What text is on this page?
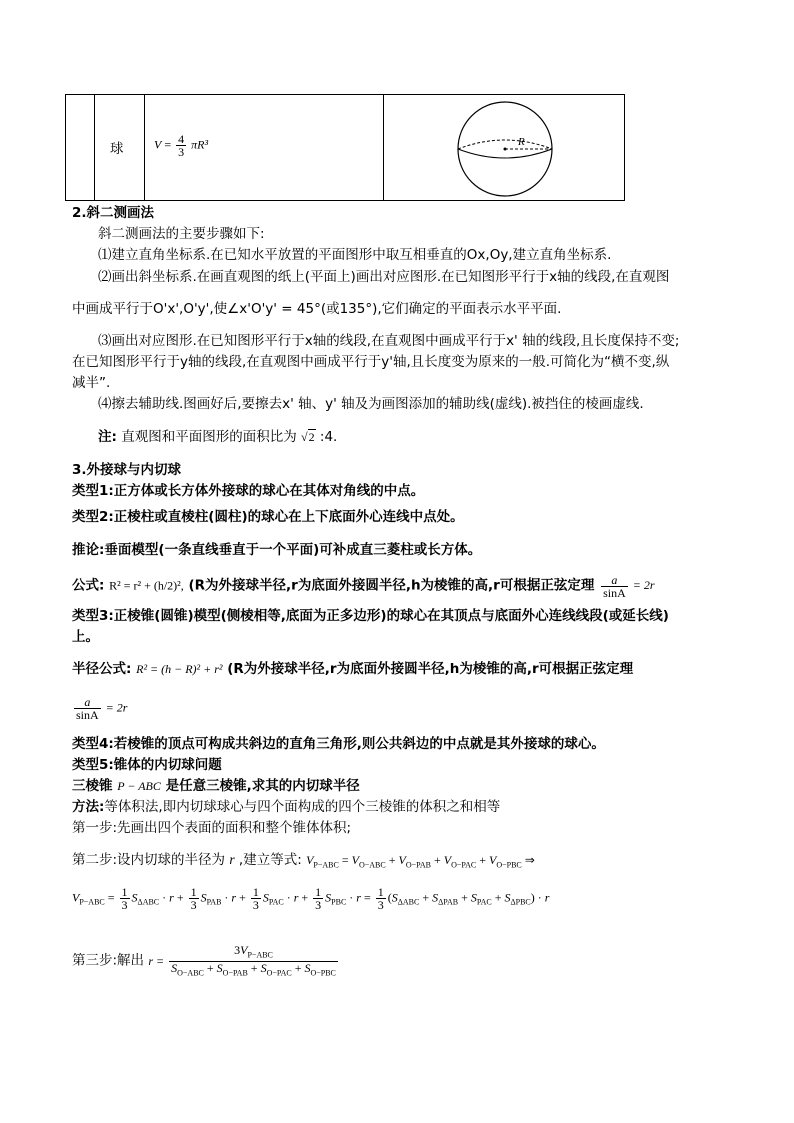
球	$V = \frac{4}{3} \pi R^3$	R
2.斜二测画法
斜二测画法的主要步骤如下:
⑴建立直角坐标系.在已知水平放置的平面图形中取互相垂直的Ox,Oy,建立直角坐标系.
⑵画出斜坐标系.在画直观图的纸上(平面上)画出对应图形.在已知图形平行于x轴的线段,在直观图
中画成平行于O'x',O'y',使∠x'O'y' = 45°(或135°),它们确定的平面表示水平平面.
⑶画出对应图形.在已知图形平行于x轴的线段,在直观图中画成平行于x' 轴的线段,且长度保持不变;
在已知图形平行于y轴的线段,在直观图中画成平行于y'轴,且长度变为原来的一般.可简化为“横不变,纵
减半”.
⑷擦去辅助线.图画好后,要擦去x' 轴、y' 轴及为画图添加的辅助线(虚线).被挡住的棱画虚线.
注: 直观图和平面图形的面积比为 √2 :4.
3.外接球与内切球
类型1:正方体或长方体外接球的球心在其体对角线的中点。
类型2:正棱柱或直棱柱(圆柱)的球心在上下底面外心连线中点处。
推论:垂面模型(一条直线垂直于一个平面)可补成直三菱柱或长方体。
公式: R² = r² + (h/2)², (R为外接球半径,r为底面外接圆半径,h为棱锥的高,r可根据正弦定理 $\frac{a}{\sin A} = 2r$
类型3:正棱锥(圆锥)模型(侧棱相等,底面为正多边形)的球心在其顶点与底面外心连线线段(或延长线)
上。
半径公式: R² = (h − R)² + r² (R为外接球半径,r为底面外接圆半径,h为棱锥的高,r可根据正弦定理
$\frac{a}{\sin A} = 2r$
类型4:若棱锥的顶点可构成共斜边的直角三角形,则公共斜边的中点就是其外接球的球心。
类型5:锥体的内切球问题
三棱锥 P − ABC 是任意三棱锥,求其的内切球半径
方法:等体积法,即内切球球心与四个面构成的四个三棱锥的体积之和相等
第一步:先画出四个表面的面积和整个锥体体积;
第二步:设内切球的半径为 r ,建立等式: $V_{P-ABC} = V_{O-ABC} + V_{O-PAB} + V_{O-PAC} + V_{O-PBC}$ ⇒
$V_{P-ABC} = \frac{1}{3} S_{\Delta ABC} \cdot r + \frac{1}{3} S_{PAB} \cdot r + \frac{1}{3} S_{PAC} \cdot r + \frac{1}{3} S_{PBC} \cdot r = \frac{1}{3} (S_{\Delta ABC} + S_{\Delta PAB} + S_{PAC} + S_{\Delta PBC}) \cdot r$
第三步:解出 $r = \frac{3V_{P-ABC}}{S_{O-ABC} + S_{O-PAB} + S_{O-PAC} + S_{O-PBC}}$
